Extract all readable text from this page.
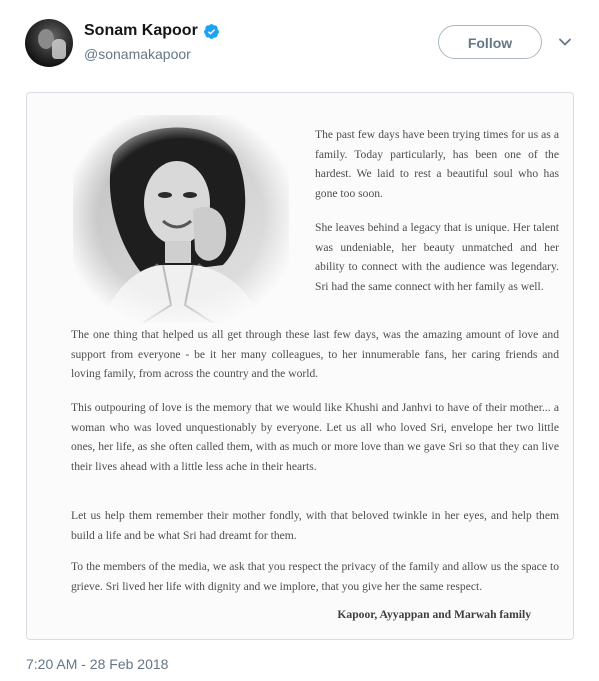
Sonam Kapoor
@sonamakapoor
Follow

The past few days have been trying times for us as a family. Today particularly, has been one of the hardest. We laid to rest a beautiful soul who has gone too soon.

She leaves behind a legacy that is unique. Her talent was undeniable, her beauty unmatched and her ability to connect with the audience was legendary. Sri had the same connect with her family as well.

The one thing that helped us all get through these last few days, was the amazing amount of love and support from everyone - be it her many colleagues, to her innumerable fans, her caring friends and loving family, from across the country and the world.

This outpouring of love is the memory that we would like Khushi and Janhvi to have of their mother... a woman who was loved unquestionably by everyone. Let us all who loved Sri, envelope her two little ones, her life, as she often called them, with as much or more love than we gave Sri so that they can live their lives ahead with a little less ache in their hearts.

Let us help them remember their mother fondly, with that beloved twinkle in her eyes, and help them build a life and be what Sri had dreamt for them.

To the members of the media, we ask that you respect the privacy of the family and allow us the space to grieve. Sri lived her life with dignity and we implore, that you give her the same respect.

Kapoor, Ayyappan and Marwah family

7:20 AM - 28 Feb 2018
